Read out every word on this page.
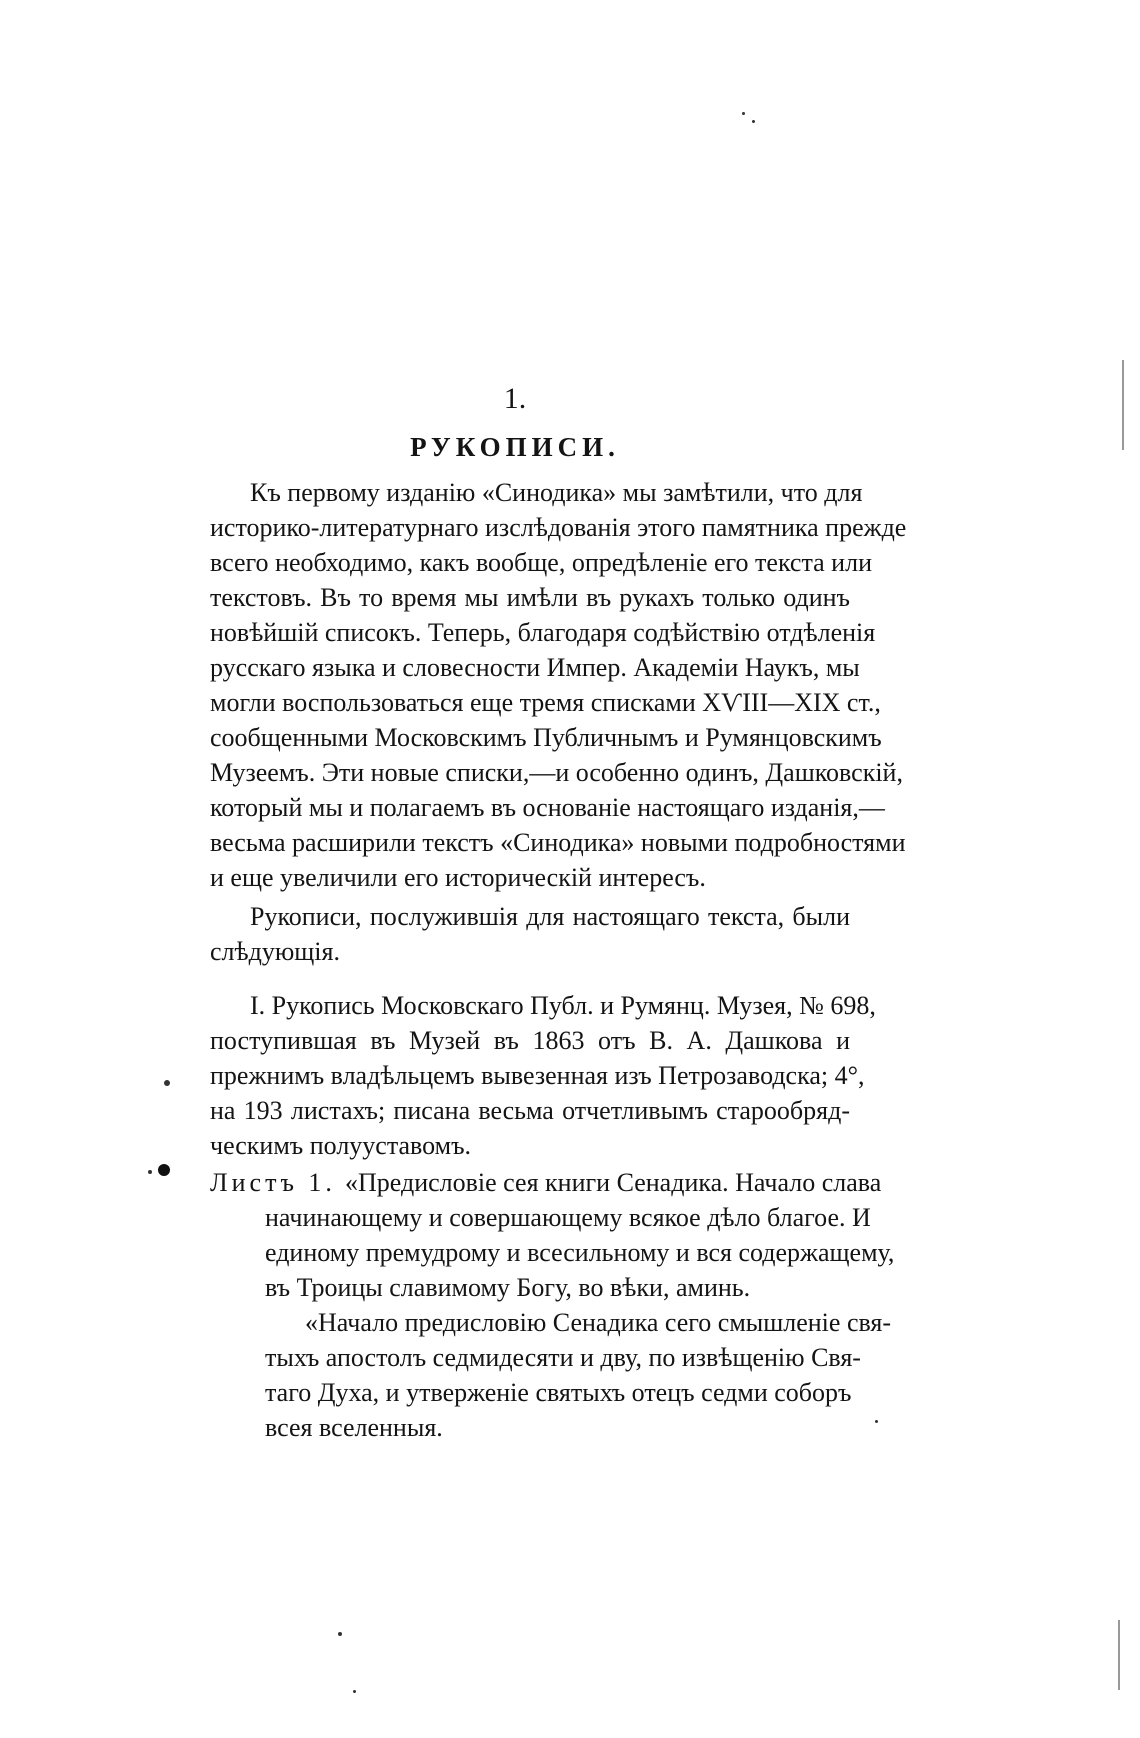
1.
РУКОПИСИ.
Къ первому изданію «Синодика» мы замѣтили, что для
историко-литературнаго изслѣдованія этого памятника прежде
всего необходимо, какъ вообще, опредѣленіе его текста или
текстовъ. Въ то время мы имѣли въ рукахъ только одинъ
новѣйшій списокъ. Теперь, благодаря содѣйствію отдѣленія
русскаго языка и словесности Импер. Академіи Наукъ, мы
могли воспользоваться еще тремя списками XѴIII—XIX ст.,
сообщенными Московскимъ Публичнымъ и Румянцовскимъ
Музеемъ. Эти новые списки,—и особенно одинъ, Дашковскій,
который мы и полагаемъ въ основаніе настоящаго изданія,—
весьма расширили текстъ «Синодика» новыми подробностями
и еще увеличили его историческій интересъ.
Рукописи, послужившія для настоящаго текста, были
слѣдующія.
I. Рукопись Московскаго Публ. и Румянц. Музея, № 698,
поступившая въ Музей въ 1863 отъ В. А. Дашкова и
прежнимъ владѣльцемъ вывезенная изъ Петрозаводска; 4°,
на 193 листахъ; писана весьма отчетливымъ старообряд-
ческимъ полууставомъ.
Листъ 1. «Предисловіе сея книги Сенадика. Начало слава
начинающему и совершающему всякое дѣло благое. И
единому премудрому и всесильному и вся содержащему,
въ Троицы славимому Богу, во вѣки, аминь.
«Начало предисловію Сенадика сего смышленіе свя-
тыхъ апостолъ седмидесяти и дву, по извѣщенію Свя-
таго Духа, и утверженіе святыхъ отецъ седми соборъ
всея вселенныя.
